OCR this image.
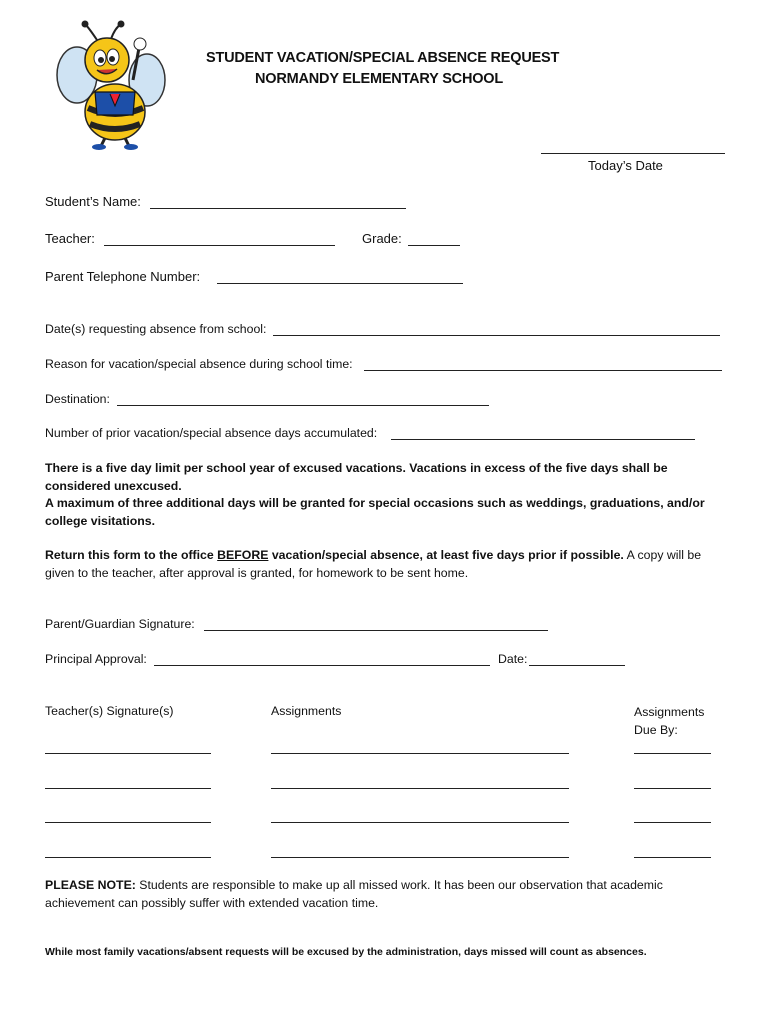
STUDENT VACATION/SPECIAL ABSENCE REQUEST
NORMANDY ELEMENTARY SCHOOL
Today’s Date
Student’s Name:
Teacher:	Grade:
Parent Telephone Number:
Date(s) requesting absence from school:
Reason for vacation/special absence during school time:
Destination:
Number of prior vacation/special absence days accumulated:
There is a five day limit per school year of excused vacations. Vacations in excess of the five days shall be considered unexcused.
A maximum of three additional days will be granted for special occasions such as weddings, graduations, and/or college visitations.
Return this form to the office BEFORE vacation/special absence, at least five days prior if possible. A copy will be given to the teacher, after approval is granted, for homework to be sent home.
Parent/Guardian Signature:
Principal Approval:	Date:
Teacher(s) Signature(s)	Assignments	Assignments
Due By:
PLEASE NOTE: Students are responsible to make up all missed work. It has been our observation that academic achievement can possibly suffer with extended vacation time.
While most family vacations/absent requests will be excused by the administration, days missed will count as absences.
